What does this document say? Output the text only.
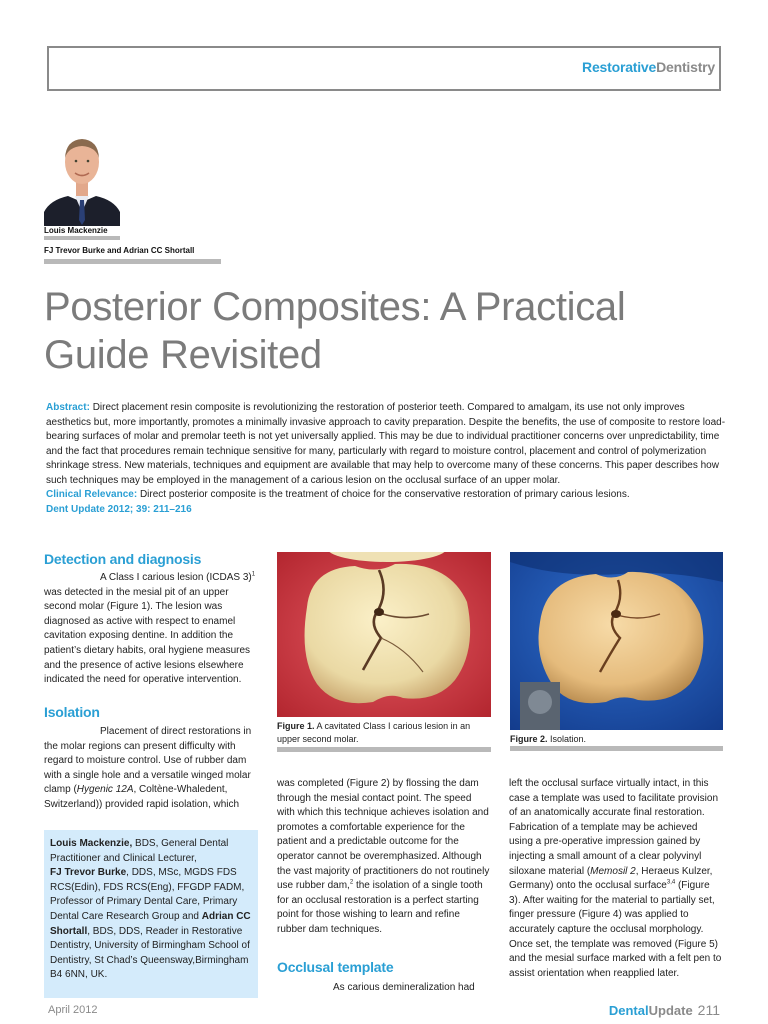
RestorativeDentistry
Louis Mackenzie
FJ Trevor Burke and Adrian CC Shortall
Posterior Composites: A Practical
Guide Revisited
Abstract: Direct placement resin composite is revolutionizing the restoration of posterior teeth. Compared to amalgam, its use not only improves aesthetics but, more importantly, promotes a minimally invasive approach to cavity preparation. Despite the benefits, the use of composite to restore load-bearing surfaces of molar and premolar teeth is not yet universally applied. This may be due to individual practitioner concerns over unpredictability, time and the fact that procedures remain technique sensitive for many, particularly with regard to moisture control, placement and control of polymerization shrinkage stress. New materials, techniques and equipment are available that may help to overcome many of these concerns. This paper describes how such techniques may be employed in the management of a carious lesion on the occlusal surface of an upper molar.
Clinical Relevance: Direct posterior composite is the treatment of choice for the conservative restoration of primary carious lesions.
Dent Update 2012; 39: 211–216
Detection and diagnosis
A Class I carious lesion (ICDAS 3)$^1$ was detected in the mesial pit of an upper second molar (Figure 1). The lesion was diagnosed as active with respect to enamel cavitation exposing dentine. In addition the patient’s dietary habits, oral hygiene measures and the presence of active lesions elsewhere indicated the need for operative intervention.
Isolation
Placement of direct restorations in the molar regions can present difficulty with regard to moisture control. Use of rubber dam with a single hole and a versatile winged molar clamp (Hygenic 12A, Coltène-Whaledent, Switzerland)) provided rapid isolation, which
Louis Mackenzie, BDS, General Dental Practitioner and Clinical Lecturer,
FJ Trevor Burke, DDS, MSc, MGDS FDS RCS(Edin), FDS RCS(Eng), FFGDP FADM, Professor of Primary Dental Care, Primary Dental Care Research Group and Adrian CC Shortall, BDS, DDS, Reader in Restorative Dentistry, University of Birmingham School of Dentistry, St Chad’s Queensway,Birmingham B4 6NN, UK.
Figure 1. A cavitated Class I carious lesion in an upper second molar.	Figure 2. Isolation.
was completed (Figure 2) by flossing the dam through the mesial contact point. The speed with which this technique achieves isolation and promotes a comfortable experience for the patient and a predictable outcome for the operator cannot be overemphasized. Although the vast majority of practitioners do not routinely use rubber dam,$^2$ the isolation of a single tooth for an occlusal restoration is a perfect starting point for those wishing to learn and refine rubber dam techniques.
Occlusal template
As carious demineralization had
left the occlusal surface virtually intact, in this case a template was used to facilitate provision of an anatomically accurate final restoration. Fabrication of a template may be achieved using a pre-operative impression gained by injecting a small amount of a clear polyvinyl siloxane material (Memosil 2, Heraeus Kulzer, Germany) onto the occlusal surface$^{3,4}$ (Figure 3). After waiting for the material to partially set, finger pressure (Figure 4) was applied to accurately capture the occlusal morphology. Once set, the template was removed (Figure 5) and the mesial surface marked with a felt pen to assist orientation when reapplied later.
April 2012	DentalUpdate 211
